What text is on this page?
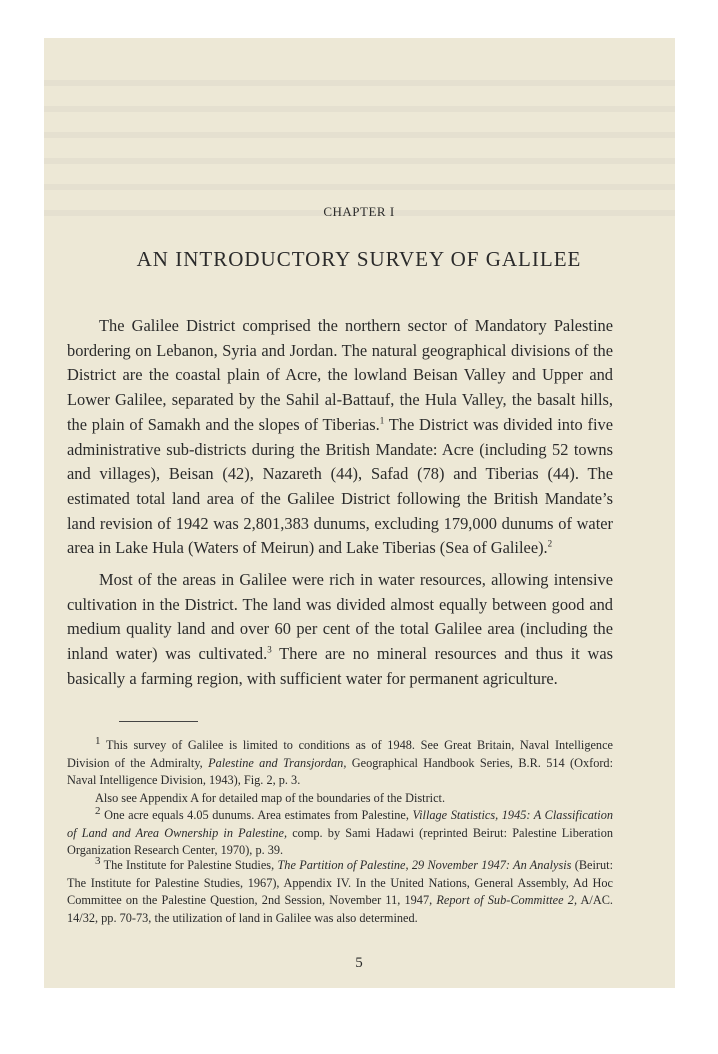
CHAPTER I
AN INTRODUCTORY SURVEY OF GALILEE

The Galilee District comprised the northern sector of Mandatory Palestine bordering on Lebanon, Syria and Jordan. The natural geographical divisions of the District are the coastal plain of Acre, the lowland Beisan Valley and Upper and Lower Galilee, separated by the Sahil al-Battauf, the Hula Valley, the basalt hills, the plain of Samakh and the slopes of Tiberias.$^1$ The District was divided into five administrative sub-districts during the British Mandate: Acre (including 52 towns and villages), Beisan (42), Nazareth (44), Safad (78) and Tiberias (44). The estimated total land area of the Galilee District following the British Mandate’s land revision of 1942 was 2,801,383 dunums, excluding 179,000 dunums of water area in Lake Hula (Waters of Meirun) and Lake Tiberias (Sea of Galilee).$^2$

Most of the areas in Galilee were rich in water resources, allowing intensive cultivation in the District. The land was divided almost equally between good and medium quality land and over 60 per cent of the total Galilee area (including the inland water) was cultivated.$^3$ There are no mineral resources and thus it was basically a farming region, with sufficient water for permanent agriculture.

$^1$ This survey of Galilee is limited to conditions as of 1948. See Great Britain, Naval Intelligence Division of the Admiralty, Palestine and Transjordan, Geographical Handbook Series, B.R. 514 (Oxford: Naval Intelligence Division, 1943), Fig. 2, p. 3.

Also see Appendix A for detailed map of the boundaries of the District.

$^2$ One acre equals 4.05 dunums. Area estimates from Palestine, Village Statistics, 1945: A Classification of Land and Area Ownership in Palestine, comp. by Sami Hadawi (reprinted Beirut: Palestine Liberation Organization Research Center, 1970), p. 39.

$^3$ The Institute for Palestine Studies, The Partition of Palestine, 29 November 1947: An Analysis (Beirut: The Institute for Palestine Studies, 1967), Appendix IV. In the United Nations, General Assembly, Ad Hoc Committee on the Palestine Question, 2nd Session, November 11, 1947, Report of Sub-Committee 2, A/AC. 14/32, pp. 70-73, the utilization of land in Galilee was also determined.

5
